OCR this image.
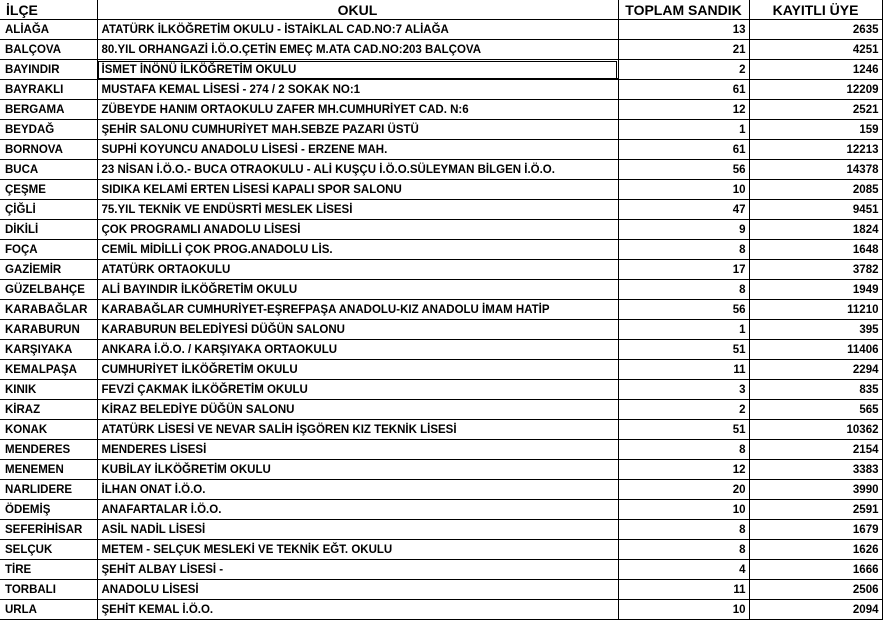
İLÇE	OKUL	TOPLAM SANDIK	KAYITLI ÜYE
ALİAĞA	ATATÜRK İLKÖĞRETİM OKULU - İSTAİKLAL CAD.NO:7 ALİAĞA	13	2635
BALÇOVA	80.YIL ORHANGAZİ İ.Ö.O.ÇETİN EMEÇ M.ATA CAD.NO:203 BALÇOVA	21	4251
BAYINDIR	İSMET İNÖNÜ İLKÖĞRETİM OKULU	2	1246
BAYRAKLI	MUSTAFA KEMAL LİSESİ - 274 / 2 SOKAK NO:1	61	12209
BERGAMA	ZÜBEYDE HANIM ORTAOKULU ZAFER MH.CUMHURİYET CAD. N:6	12	2521
BEYDAĞ	ŞEHİR SALONU CUMHURİYET MAH.SEBZE PAZARI ÜSTÜ	1	159
BORNOVA	SUPHİ KOYUNCU ANADOLU LİSESİ - ERZENE MAH.	61	12213
BUCA	23 NİSAN İ.Ö.O.- BUCA OTRAOKULU - ALİ KUŞÇU İ.Ö.O.SÜLEYMAN BİLGEN İ.Ö.O.	56	14378
ÇEŞME	SIDIKA KELAMİ ERTEN LİSESİ KAPALI SPOR SALONU	10	2085
ÇİĞLİ	75.YIL TEKNİK VE ENDÜSRTİ MESLEK LİSESİ	47	9451
DİKİLİ	ÇOK PROGRAMLI ANADOLU LİSESİ	9	1824
FOÇA	CEMİL MİDİLLİ ÇOK PROG.ANADOLU LİS.	8	1648
GAZİEMİR	ATATÜRK ORTAOKULU	17	3782
GÜZELBAHÇE	ALİ BAYINDIR İLKÖĞRETİM OKULU	8	1949
KARABAĞLAR	KARABAĞLAR CUMHURİYET-EŞREFPAŞA ANADOLU-KIZ ANADOLU İMAM HATİP	56	11210
KARABURUN	KARABURUN BELEDİYESİ DÜĞÜN SALONU	1	395
KARŞIYAKA	ANKARA İ.Ö.O. / KARŞIYAKA ORTAOKULU	51	11406
KEMALPAŞA	CUMHURİYET İLKÖĞRETİM OKULU	11	2294
KINIK	FEVZİ ÇAKMAK İLKÖĞRETİM OKULU	3	835
KİRAZ	KİRAZ BELEDİYE DÜĞÜN SALONU	2	565
KONAK	ATATÜRK LİSESİ VE NEVAR SALİH İŞGÖREN KIZ TEKNİK LİSESİ	51	10362
MENDERES	MENDERES LİSESİ	8	2154
MENEMEN	KUBİLAY İLKÖĞRETİM OKULU	12	3383
NARLIDERE	İLHAN ONAT İ.Ö.O.	20	3990
ÖDEMİŞ	ANAFARTALAR İ.Ö.O.	10	2591
SEFERİHİSAR	ASİL NADİL LİSESİ	8	1679
SELÇUK	METEM - SELÇUK MESLEKİ VE TEKNİK EĞT. OKULU	8	1626
TİRE	ŞEHİT ALBAY LİSESİ -	4	1666
TORBALI	ANADOLU LİSESİ	11	2506
URLA	ŞEHİT KEMAL İ.Ö.O.	10	2094
